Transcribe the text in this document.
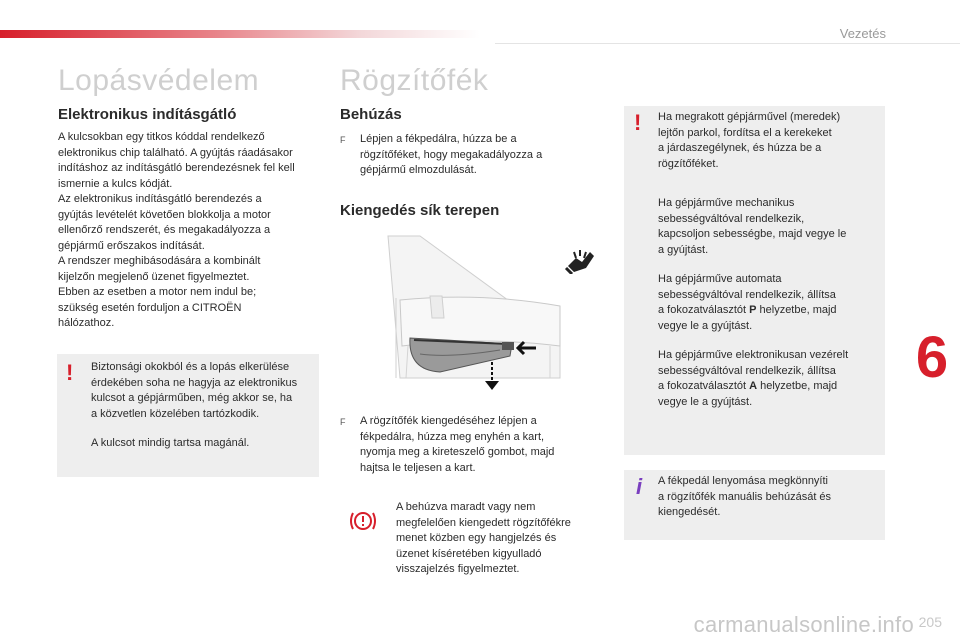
Vezetés
6
Lopásvédelem
Elektronikus indításgátló

A kulcsokban egy titkos kóddal rendelkező
elektronikus chip található. A gyújtás ráadásakor
indításhoz az indításgátló berendezésnek fel kell
ismernie a kulcs kódját.
Az elektronikus indításgátló berendezés a
gyújtás levételét követően blokkolja a motor
ellenőrző rendszerét, és megakadályozza a
gépjármű erőszakos indítását.
A rendszer meghibásodására a kombinált
kijelzőn megjelenő üzenet figyelmeztet.
Ebben az esetben a motor nem indul be;
szükség esetén forduljon a CITROËN
hálózathoz.

! Biztonsági okokból és a lopás elkerülése
érdekében soha ne hagyja az elektronikus
kulcsot a gépjárműben, még akkor se, ha
a közvetlen közelében tartózkodik.

A kulcsot mindig tartsa magánál.

Rögzítőfék
Behúzás
F	Lépjen a fékpedálra, húzza be a
rögzítőféket, hogy megakadályozza a
gépjármű elmozdulását.
Kiengedés sík terepen
F	A rögzítőfék kiengedéséhez lépjen a
fékpedálra, húzza meg enyhén a kart,
nyomja meg a kireteszelő gombot, majd
hajtsa le teljesen a kart.

A behúzva maradt vagy nem
megfelelően kiengedett rögzítőfékre
menet közben egy hangjelzés és
üzenet kíséretében kigyulladó
visszajelzés figyelmeztet.

! Ha megrakott gépjárművel (meredek)
lejtőn parkol, fordítsa el a kerekeket
a járdaszegélynek, és húzza be a
rögzítőféket.

Ha gépjárműve mechanikus
sebességváltóval rendelkezik,
kapcsoljon sebességbe, majd vegye le
a gyújtást.

Ha gépjárműve automata
sebességváltóval rendelkezik, állítsa
a fokozatválasztót P helyzetbe, majd
vegye le a gyújtást.

Ha gépjárműve elektronikusan vezérelt
sebességváltóval rendelkezik, állítsa
a fokozatválasztót A helyzetbe, majd
vegye le a gyújtást.

i A fékpedál lenyomása megkönnyíti
a rögzítőfék manuális behúzását és
kiengedését.

205
carmanualsonline.info
